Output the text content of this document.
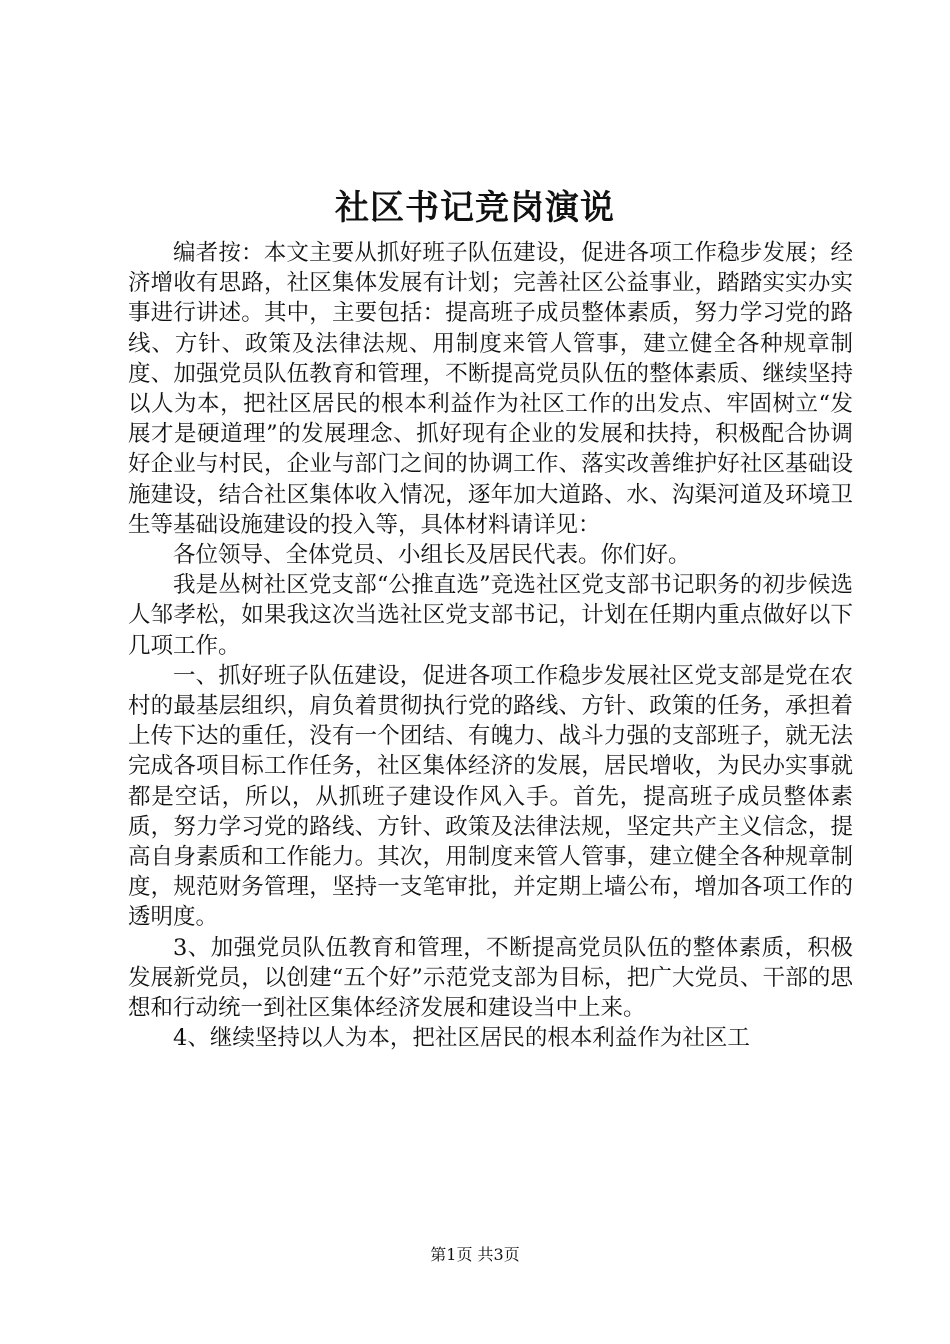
社区书记竞岗演说

编者按：本文主要从抓好班子队伍建设，促进各项工作稳步发展；经济增收有思路，社区集体发展有计划；完善社区公益事业，踏踏实实办实事进行讲述。其中，主要包括：提高班子成员整体素质，努力学习党的路线、方针、政策及法律法规、用制度来管人管事，建立健全各种规章制度、加强党员队伍教育和管理，不断提高党员队伍的整体素质、继续坚持以人为本，把社区居民的根本利益作为社区工作的出发点、牢固树立“发展才是硬道理”的发展理念、抓好现有企业的发展和扶持，积极配合协调好企业与村民，企业与部门之间的协调工作、落实改善维护好社区基础设施建设，结合社区集体收入情况，逐年加大道路、水、沟渠河道及环境卫生等基础设施建设的投入等，具体材料请详见：

各位领导、全体党员、小组长及居民代表。你们好。

我是丛树社区党支部“公推直选”竞选社区党支部书记职务的初步候选人邹孝松，如果我这次当选社区党支部书记，计划在任期内重点做好以下几项工作。

一、抓好班子队伍建设，促进各项工作稳步发展社区党支部是党在农村的最基层组织，肩负着贯彻执行党的路线、方针、政策的任务，承担着上传下达的重任，没有一个团结、有魄力、战斗力强的支部班子，就无法完成各项目标工作任务，社区集体经济的发展，居民增收，为民办实事就都是空话，所以，从抓班子建设作风入手。首先，提高班子成员整体素质，努力学习党的路线、方针、政策及法律法规，坚定共产主义信念，提高自身素质和工作能力。其次，用制度来管人管事，建立健全各种规章制度，规范财务管理，坚持一支笔审批，并定期上墙公布，增加各项工作的透明度。

3、加强党员队伍教育和管理，不断提高党员队伍的整体素质，积极发展新党员，以创建“五个好”示范党支部为目标，把广大党员、干部的思想和行动统一到社区集体经济发展和建设当中上来。

4、继续坚持以人为本，把社区居民的根本利益作为社区工

第1页 共3页
